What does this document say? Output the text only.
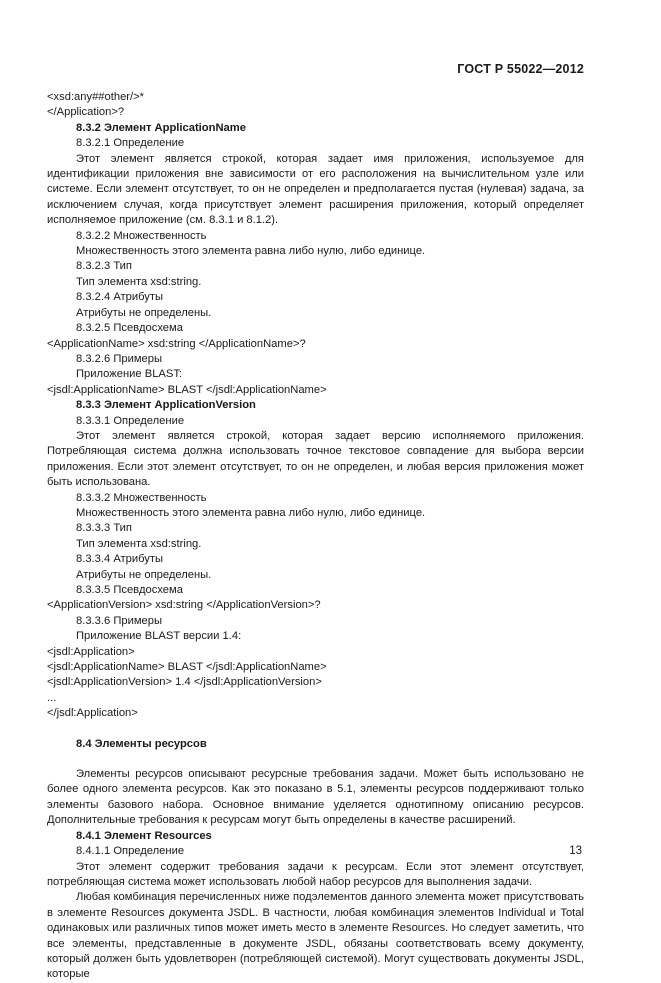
ГОСТ Р 55022—2012
<xsd:any##other/>*
</Application>?
8.3.2 Элемент ApplicationName
8.3.2.1 Определение
Этот элемент является строкой, которая задает имя приложения, используемое для идентификации приложения вне зависимости от его расположения на вычислительном узле или системе. Если элемент отсутствует, то он не определен и предполагается пустая (нулевая) задача, за исключением случая, когда присутствует элемент расширения приложения, который определяет исполняемое приложение (см. 8.3.1 и 8.1.2).
8.3.2.2 Множественность
Множественность этого элемента равна либо нулю, либо единице.
8.3.2.3 Тип
Тип элемента xsd:string.
8.3.2.4 Атрибуты
Атрибуты не определены.
8.3.2.5 Псевдосхема
<ApplicationName> xsd:string </ApplicationName>?
8.3.2.6 Примеры
Приложение BLAST:
<jsdl:ApplicationName> BLAST </jsdl:ApplicationName>
8.3.3 Элемент ApplicationVersion
8.3.3.1 Определение
Этот элемент является строкой, которая задает версию исполняемого приложения. Потребляющая система должна использовать точное текстовое совпадение для выбора версии приложения. Если этот элемент отсутствует, то он не определен, и любая версия приложения может быть использована.
8.3.3.2 Множественность
Множественность этого элемента равна либо нулю, либо единице.
8.3.3.3 Тип
Тип элемента xsd:string.
8.3.3.4 Атрибуты
Атрибуты не определены.
8.3.3.5 Псевдосхема
<ApplicationVersion> xsd:string </ApplicationVersion>?
8.3.3.6 Примеры
Приложение BLAST версии 1.4:
<jsdl:Application>
<jsdl:ApplicationName> BLAST </jsdl:ApplicationName>
<jsdl:ApplicationVersion> 1.4 </jsdl:ApplicationVersion>
...
</jsdl:Application>
8.4 Элементы ресурсов
Элементы ресурсов описывают ресурсные требования задачи. Может быть использовано не более одного элемента ресурсов. Как это показано в 5.1, элементы ресурсов поддерживают только элементы базового набора. Основное внимание уделяется однотипному описанию ресурсов. Дополнительные требования к ресурсам могут быть определены в качестве расширений.
8.4.1 Элемент Resources
8.4.1.1 Определение
Этот элемент содержит требования задачи к ресурсам. Если этот элемент отсутствует, потребляющая система может использовать любой набор ресурсов для выполнения задачи.
Любая комбинация перечисленных ниже подэлементов данного элемента может присутствовать в элементе Resources документа JSDL. В частности, любая комбинация элементов Individual и Total одинаковых или различных типов может иметь место в элементе Resources. Но следует заметить, что все элементы, представленные в документе JSDL, обязаны соответствовать всему документу, который должен быть удовлетворен (потребляющей системой). Могут существовать документы JSDL, которые
13
